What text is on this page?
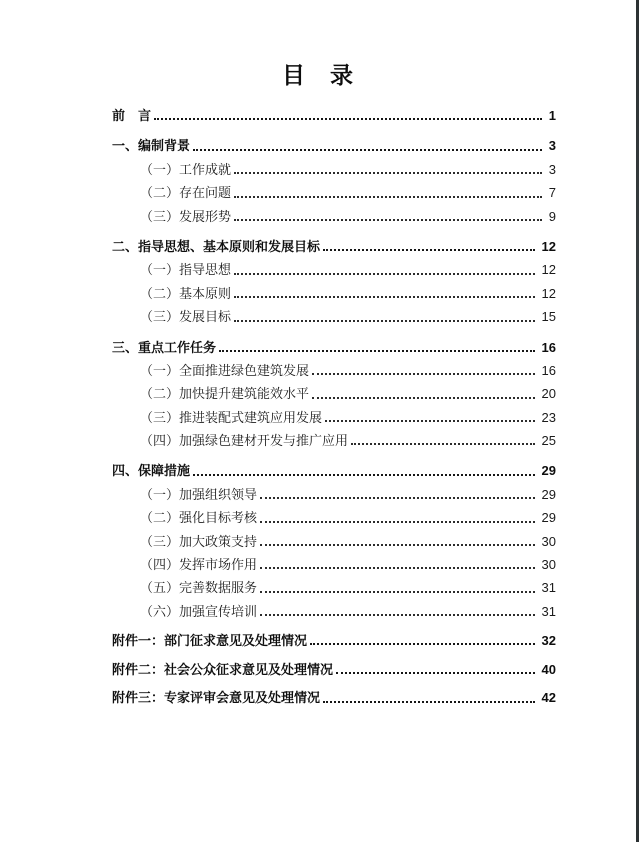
目　录
前　言	1
一、编制背景	3
（一）工作成就	3
（二）存在问题	7
（三）发展形势	9
二、指导思想、基本原则和发展目标	12
（一）指导思想	12
（二）基本原则	12
（三）发展目标	15
三、重点工作任务	16
（一）全面推进绿色建筑发展	16
（二）加快提升建筑能效水平	20
（三）推进装配式建筑应用发展	23
（四）加强绿色建材开发与推广应用	25
四、保障措施	29
（一）加强组织领导	29
（二）强化目标考核	29
（三）加大政策支持	30
（四）发挥市场作用	30
（五）完善数据服务	31
（六）加强宣传培训	31
附件一：部门征求意见及处理情况	32
附件二：社会公众征求意见及处理情况	40
附件三：专家评审会意见及处理情况	42
